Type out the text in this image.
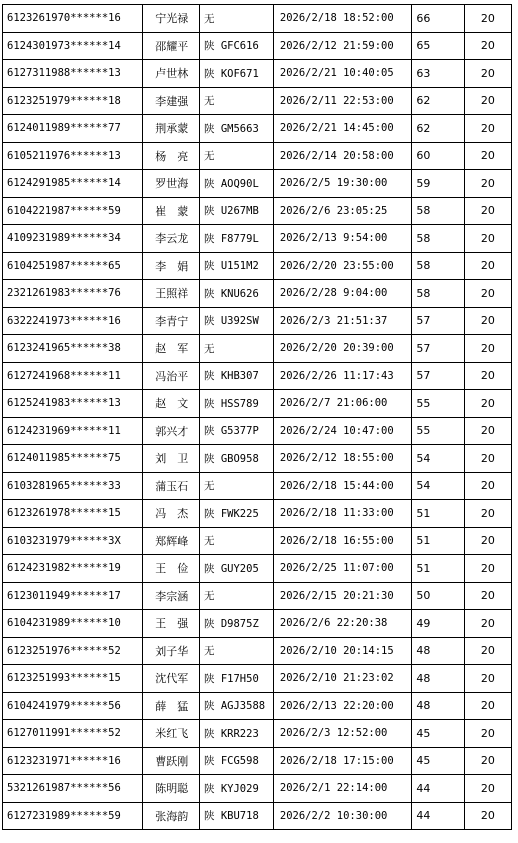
6123261970******16	宁光禄	无	2026/2/18 18:52:00	66	20
6124301973******14	邵耀平	陕 GFC616	2026/2/12 21:59:00	65	20
6127311988******13	卢世林	陕 KOF671	2026/2/21 10:40:05	63	20
6123251979******18	李建强	无	2026/2/11 22:53:00	62	20
6124011989******77	荆承蒙	陕 GM5663	2026/2/21 14:45:00	62	20
6105211976******13	杨　亮	无	2026/2/14 20:58:00	60	20
6124291985******14	罗世海	陕 AOQ90L	2026/2/5 19:30:00	59	20
6104221987******59	崔　蒙	陕 U267MB	2026/2/6 23:05:25	58	20
4109231989******34	李云龙	陕 F8779L	2026/2/13 9:54:00	58	20
6104251987******65	李　娟	陕 U151M2	2026/2/20 23:55:00	58	20
2321261983******76	王照祥	陕 KNU626	2026/2/28 9:04:00	58	20
6322241973******16	李青宁	陕 U392SW	2026/2/3 21:51:37	57	20
6123241965******38	赵　军	无	2026/2/20 20:39:00	57	20
6127241968******11	冯治平	陕 KHB307	2026/2/26 11:17:43	57	20
6125241983******13	赵　文	陕 HSS789	2026/2/7 21:06:00	55	20
6124231969******11	郭兴才	陕 G5377P	2026/2/24 10:47:00	55	20
6124011985******75	刘　卫	陕 GBO958	2026/2/12 18:55:00	54	20
6103281965******33	蒲玉石	无	2026/2/18 15:44:00	54	20
6123261978******15	冯　杰	陕 FWK225	2026/2/18 11:33:00	51	20
6103231979******3X	郑辉峰	无	2026/2/18 16:55:00	51	20
6124231982******19	王　俭	陕 GUY205	2026/2/25 11:07:00	51	20
6123011949******17	李宗涵	无	2026/2/15 20:21:30	50	20
6104231989******10	王　强	陕 D9875Z	2026/2/6 22:20:38	49	20
6123251976******52	刘子华	无	2026/2/10 20:14:15	48	20
6123251993******15	沈代军	陕 F17H50	2026/2/10 21:23:02	48	20
6104241979******56	薛　猛	陕 AGJ3588	2026/2/13 22:20:00	48	20
6127011991******52	米红飞	陕 KRR223	2026/2/3 12:52:00	45	20
6123231971******16	曹跃刚	陕 FCG598	2026/2/18 17:15:00	45	20
5321261987******56	陈明聪	陕 KYJ029	2026/2/1 22:14:00	44	20
6127231989******59	张海韵	陕 KBU718	2026/2/2 10:30:00	44	20
